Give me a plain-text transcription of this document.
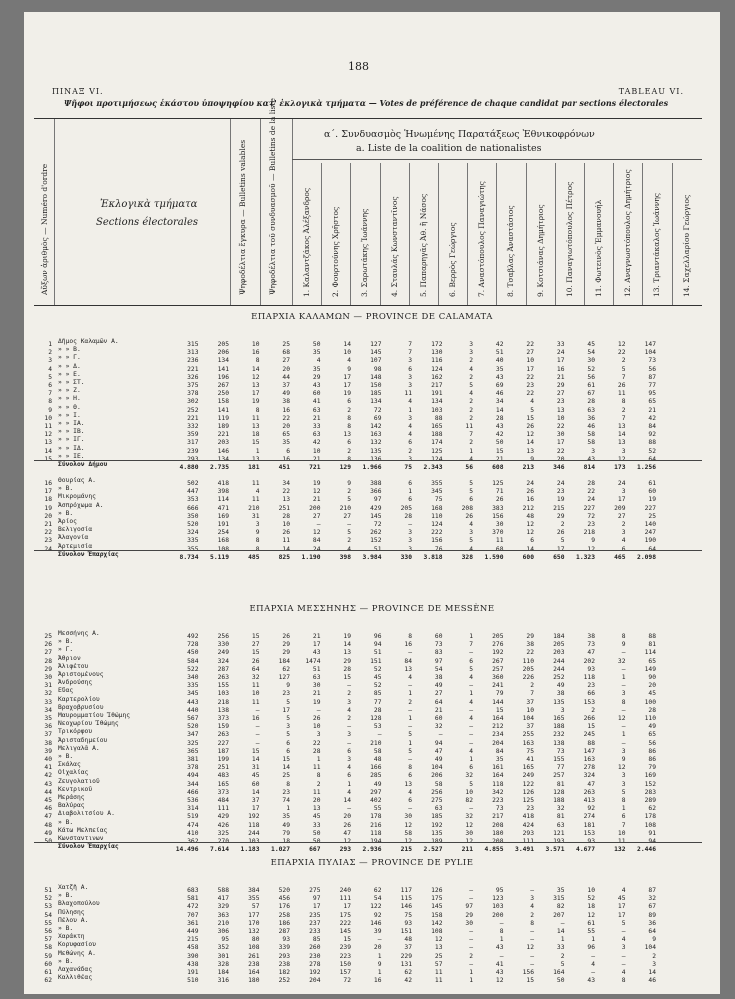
188
ΠΙΝΑΞ VI.	TABLEAU VI.
Ψῆφοι προτιμήσεως ἑκάστου ὑποψηφίου κατ' ἐκλογικὰ τμήματα — Votes de préférence de chaque candidat par sections électorales
Αὔξων ἀριθμὸς — Numéro d'ordre	Ἐκλογικὰ τμήματα
Sections électorales	Ψηφοδέλτια ἔγκυρα — Bulletins valables	Ψηφοδέλτια τοῦ συνδυασμοῦ — Bulletins de la liste	α΄. Συνδυασμὸς Ἡνωμένης Παρατάξεως Ἐθνικοφρόνων
a. Liste de la coalition de nationalistes
1. Καλαντζάκος Ἀλέξανδρος	2. Φουρτούνης Χρῆστος	3. Σαρωτάκης Ἰωάννης	4. Σταυλάς Κωνσταντῖνος	5. Παπαρηγᾶς Ἀθ. ἢ Νάσος	6. Βερρὸς Γεώργιος	7. Αναστόπουλος Παναγιώτης	8. Τσαβλας Ἀναστάσιος	9. Κοτσιάνας Δημήτριος	10. Παναγιωτόπουλος Πέτρος	11. Φωτεινὸς Ἐμμανουήλ	12. Αναγνωστόπουλος Δημήτριος	13. Τριαντάκαλος Ἰωάννης	14. Σαχελλαρίου Γεώργιος
ΕΠΑΡΧΙΑ ΚΑΛΑΜΩΝ — PROVINCE DE CALAMATA
1 Δῆμος Καλαμῶν Α.	315	205	10	25	50	14	127	7	172	3	42	22	33	45	12	147
2 » » Β.	313	206	16	68	35	10	145	7	130	3	51	27	24	54	22	104
3 » » Γ.	236	134	8	27	4	4	107	3	116	2	40	10	17	30	2	73
4 » » Δ.	221	141	14	20	35	9	98	6	124	4	35	17	16	52	5	56
5 » » Ε.	326	196	12	44	29	17	148	3	162	2	43	22	21	56	7	87
6 » » ΣΤ.	375	267	13	37	43	17	150	3	217	5	69	23	29	61	26	77
7 » » Ζ.	378	250	17	49	60	19	185	11	191	4	46	22	27	67	11	95
8 » » Η.	302	158	19	38	41	6	134	4	134	2	34	4	23	28	8	65
9 » » Θ.	252	141	8	16	63	2	72	1	103	2	14	5	13	63	2	21
10 » » Ι.	221	119	11	22	21	8	69	3	88	2	28	15	10	36	7	42
11 » » ΙΑ.	332	189	13	20	33	8	142	4	165	11	43	26	22	46	13	84
12 » » ΙΒ.	359	221	18	65	63	13	163	4	188	7	42	12	30	58	14	92
13 » » ΙΓ.	317	203	15	35	42	6	132	6	174	2	50	14	17	58	13	88
14 » » ΙΔ.	239	146	1	6	10	2	135	2	125	1	15	13	22	3	3	52
15 » » ΙΕ.	293	134	13	16	21	8	136	3	124	4	21	9	20	43	12	64
Σύνολον Δήμου	4.880 2.735	181	451	721	129 1.966	75 2.343	56	608	213	346	814	173 1.256
16 Θουρίας Α.	502	418	11	34	19	9	388	6	355	5	125	24	24	28	24	61
17 » Β.	447	398	4	22	12	2	366	1	345	5	71	26	23	22	3	60
18 Μικρομάνης	353	114	11	13	21	5	97	6	75	6	26	16	19	24	17	19
19 Ἀσπρόχωμα Α.	666	471	210	251	200	210	429	205	168	208	383	212	215	227	209	227
20 » Β.	350	169	31	28	27	27	145	28	110	26	156	48	29	72	27	25
21 Ἀρίος	520	191	3	10	—	—	72	—	124	4	30	12	2	23	2	140
22 Βελιγοσία	324	254	9	26	12	5	262	3	222	3	370	12	26	218	3	247
23 Ἀλαγονία	335	168	8	11	84	2	152	3	156	5	11	6	5	9	4	190
24 Ἀρτεμισία	355	108	8	14	24	4	51	3	76	4	68	14	17	12	6	64
Σύνολον Ἐπαρχίας	8.734 5.119	485	825 1.190	398 3.984	330 3.818	328 1.590	600	650 1.323	465 2.098
ΕΠΑΡΧΙΑ ΜΕΣΣΗΝΗΣ — PROVINCE DE MESSÈNE
25 Μεσσήνης Α.	492	256	15	26	21	19	96	8	60	1	205	29	184	38	8	88
26 » Β.	728	330	27	29	17	14	94	16	73	7	276	38	205	73	9	81
27 » Γ.	450	249	15	29	43	13	51	—	83	—	192	22	203	47	—	114
28 Ἀθριον	584	324	26	184 1474	29	151	84	97	6	267	110	244	202	32	65
29 Ἀλιφέτου	522	287	64	62	51	28	52	13	54	5	257	205	244	93	—	149
30 Ἀριστομένους	340	263	32	127	63	15	45	4	38	4	360	226	252	118	1	90
31 Ἀνδρούσης	335	155	11	9	30	—	52	—	49	—	241	2	49	23	—	20
32 Εὔας	345	103	10	23	21	2	85	1	27	1	79	7	38	66	3	45
33 Καρτερολίου	443	218	11	5	19	3	77	2	64	4	144	37	135	153	8	100
34 Βραχοβρυσίου	440	138	—	17	—	4	28	—	21	—	15	10	3	2	—	28
35 Μαυρομματίου Ἰθώμης	567	373	16	5	26	2	128	1	60	4	164	104	165	266	12	110
36 Νεοχωρίου Ἰθώμης	520	159	—	3	10	—	53	—	32	—	212	37	188	15	—	49
37 Τρικόρφου	347	263	—	5	3	3	—	5	—	—	234	255	232	245	1	65
38 Ἀρισταδημείου	325	227	—	6	22	—	210	1	94	—	204	163	138	88	—	56
39 Μελιγαλᾶ Α.	365	187	15	6	28	6	58	5	47	4	84	75	73	147	3	86
40 » Β.	381	199	14	15	1	3	48	—	49	1	35	41	155	163	9	86
41 Σκάλας	378	251	31	14	11	4	166	8	104	6	161	165	77	278	12	79
42 Οἰχαλίας	494	483	45	25	8	6	285	6	206	32	164	249	257	324	3	169
43 Ζευγολατιοῦ	344	165	60	8	2	1	49	13	58	5	118	122	81	47	3	152
44 Κεντρικοῦ	466	373	14	23	11	4	297	4	256	10	342	126	128	263	5	283
45 Μεράσης	536	484	37	74	20	14	402	6	275	82	223	125	188	413	8	289
46 Βαλύρας	314	111	17	1	13	—	55	—	63	—	73	23	32	92	1	62
47 Διαβολιτσίου Α.	519	429	192	35	45	20	178	30	185	32	217	418	81	274	6	178
48 » Β.	474	426	118	49	33	26	216	12	192	12	208	424	63	181	7	108
49 Κάτω Μελπείας	410	325	244	79	50	47	118	58	135	30	180	293	121	153	10	91
50 Κωνσταντινων	362	270	103	18	50	12	194	12	189	12	208	111	193	93	11	94
Σύνολον Ἐπαρχίας	14.496 7.614 1.183 1.027	667	293 2.936	215 2.527	211 4.855 3.491 3.571 4.677	132 2.446
ΕΠΑΡΧΙΑ ΠΥΛΙΑΣ — PROVINCE DE PYLIE
51 Χατζῆ Α.	683	588	384	520	275	240	62	117	126	—	95	—	35	10	4	87
52 » Β.	581	417	355	456	97	111	54	115	175	—	123	3	315	52	45	32
53 Βλαχοπούλου	472	329	57	176	17	17	122	146	145	97	103	4	82	18	17	67
54 Πύλησης	707	363	177	258	235	175	92	75	158	29	200	2	207	12	17	89
55 Πέλου Α.	361	210	170	186	237	222	146	93	142	30	—	8	—	61	5	36
56 » Β.	449	306	132	287	233	145	39	151	108	—	8	—	14	55	—	64
57 Χαράκτη	215	95	80	93	85	15	—	48	12	—	1	—	1	1	4	9
58 Κορυφασίου	458	352	108	339	260	239	20	37	13	—	43	12	33	96	3	104
59 Μεθώνης Α.	390	301	261	293	230	223	1	229	25	2	—	—	2	—	—	2
60 » Β.	438	328	238	238	278	150	9	131	57	—	41	—	5	4	—	3
61 Λαχανάδας	191	184	164	182	192	157	1	62	11	1	43	156	164	—	4	14
62 Καλλιθέας	510	316	180	252	204	72	16	42	11	1	12	15	50	43	8	46
